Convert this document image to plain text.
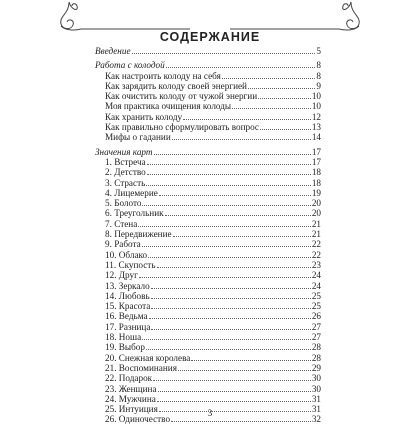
СОДЕРЖАНИЕ
Введение	5
Работа с колодой	8
Как настроить колоду на себя	8
Как зарядить колоду своей энергией	9
Как очистить колоду от чужой энергии	10
Моя практика очищения колоды	10
Как хранить колоду	12
Как правильно сформулировать вопрос	13
Мифы о гадании	14
Значения карт	17
1. Встреча	17
2. Детство	18
3. Страсть	18
4. Лицемерие	19
5. Болото	20
6. Треугольник	20
7. Стена	21
8. Передвижение	21
9. Работа	22
10. Облако	22
11. Скупость	23
12. Друг	24
13. Зеркало	24
14. Любовь	25
15. Красота	25
16. Ведьма	26
17. Разница	27
18. Ноша	27
19. Выбор	28
20. Снежная королева	28
21. Воспоминания	29
22. Подарок	30
23. Женщина	30
24. Мужчина	31
25. Интуиция	31
26. Одиночество	32
3
